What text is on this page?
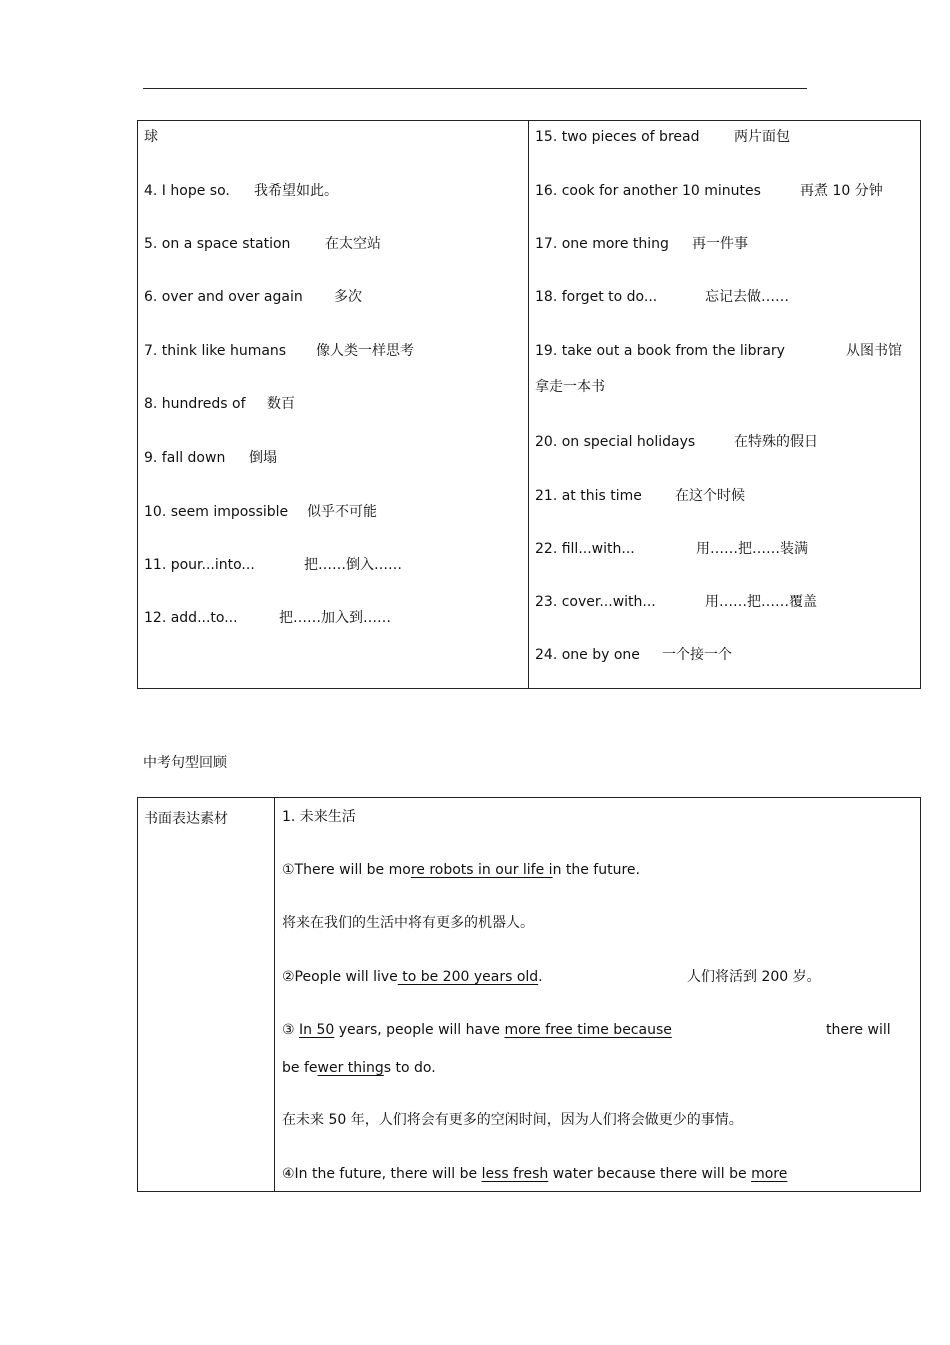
球
4. I hope so. 我希望如此。
5. on a space station 在太空站
6. over and over again 多次
7. think like humans 像人类一样思考
8. hundreds of 数百
9. fall down 倒塌
10. seem impossible 似乎不可能
11. pour...into...	把……倒入……
12. add...to...	把……加入到……
15. two pieces of bread 两片面包
16. cook for another 10 minutes	再煮 10 分钟
17. one more thing 再一件事
18. forget to do...	忘记去做……
19. take out a book from the library	从图书馆
拿走一本书
20. on special holidays	在特殊的假日
21. at this time 在这个时候
22. fill...with...	用……把……装满
23. cover...with...	用……把……覆盖
24. one by one 一个接一个
中考句型回顾
书面表达素材	1. 未来生活
①There will be more robots in our life in the future.
将来在我们的生活中将有更多的机器人。
②People will live to be 200 years old.	人们将活到 200 岁。
③ In 50 years, people will have more free time because	there will
be fewer things to do.
在未来 50 年，人们将会有更多的空闲时间，因为人们将会做更少的事情。
④In the future, there will be less fresh water because there will be more
